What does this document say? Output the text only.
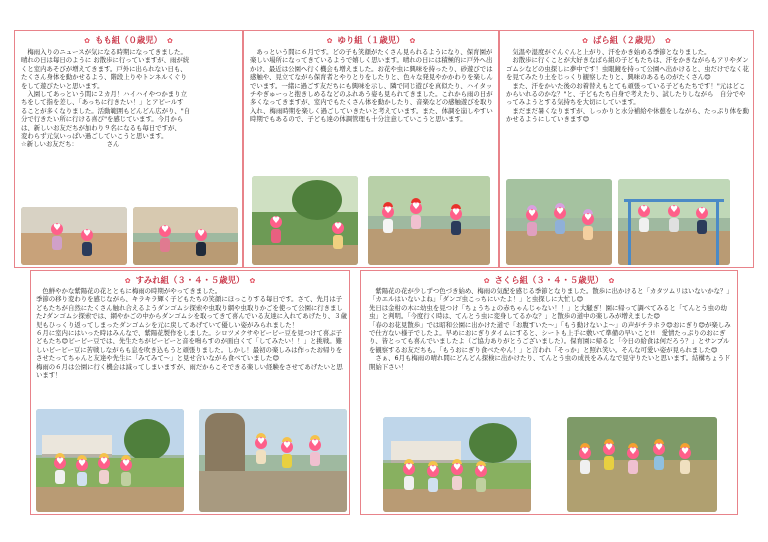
✿ もも組（０歳児） ✿
　梅雨入りのニュースが気になる時期になってきました。
晴れの日は毎日のように お散歩に行っていますが、雨が続
くと室内あそびが増えてきます。戸外に出られない日も、
たくさん身体を動かせるよう、階段上りやトンネルくぐり
をして遊びたいと思います。
　入園してあっという間に２カ月！ハイハイやつかまり立
ちをして指を差し、「あっちに行きたい！」とアピールす
ることが多くなりました。活動範囲もどんどん広がり、"自
分で行きたい所に行ける喜び"を感じています。今月から
は、新しいお友だちが加わり９名になるも毎日ですが、
変わらず元気いっぱい過ごしていこうと思います。
☆新しいお友だち：　　　　　さん
♥
♥
♥
♥
✿ ゆり組（１歳児） ✿
　あっという間に６月です。どの子も笑顔がたくさん見られるようになり、保育園が楽しい場所になってきているようで嬉しく思います。晴れの日には積極的に戸外へ出かけ、最近は公園へ行く機会も増えました。お花や虫に興味を持ったり、砂遊びでは感触や、見立てながら保育者とやりとりをしたりと、色々な発見やかかわりを楽しんでいます。一緒に過ごす友だちにも興味を示し、隣で同じ遊びを真似たり、ハイタッチやぎゅーっと抱きしめるなどのふれあう姿も見られてきました。これから雨の日が多くなってきますが、室内でもたくさん体を動かしたり、音楽などの感触遊びを取り入れ、梅雨時期を楽しく過ごしていきたいと考えています。また、体調を崩しやすい時期でもあるので、子ども達の体調管理も十分注意していこうと思います。
♥
♥
♥
♥
♥
✿ ばら組（２歳児） ✿
　気温や湿度がぐんぐんと上がり、汗をかき始める季節となりました。
　お散歩に行くことが大好きなばら組の子どもたちは、汗をかきながらもアリやダンゴムシなどの虫探しに夢中です！虫眼鏡を持って公園へ出かけると、虫だけでなく花を見てみたり土をじっくり観察したりと、興味のあるものがたくさん😊
　また、汗をかいた後のお着替えもとても頑張っている子どもたちです！"元はどこからいれるのかな？"と、子どもたち自身で考えたり、試したりしながら　自分でやってみようとする気持ちを大切にしています。
　まだまだ暑くなりますが、しっかりと水分補給や休憩をしながら、たっぷり体を動かせるようにしていきます😊
♥
♥
♥
♥
♥
♥
✿ すみれ組（３・４・５歳児） ✿
　色鮮やかな紫陽花の花とともに梅雨の時期がやってきました。
季節の移り変わりを感じながら、キラキラ輝く子どもたちの笑顔にほっこりする毎日です。さて、先月は子どもたちが自然にたくさん触れ合えるようダンゴムシ探索や虫取り網や虫取りかごを使って公園に行きました♪ダンゴムシ探索では、網やかごの中からダンゴムシを取ってきて喜んでいる友達に入れてあげたり、３歳児もひっくり返ってしまったダンゴムシを元に戻してあげていて優しい姿がみられました！
６月に室内にはいった時はみんなで、紫陽花製作をしました。シロツメクサやビーピー豆を見つけて喜ぶ子どもたち😊ピーピー豆では、先生たちがピーピーと音を鳴らすのが面白くて「してみたい！！」と挑戦。難しいビーピー豆に苦戦しながらも息を吹き込もうと頑張りました。しかし！最初の楽しみは作ったお帰りをさせたってちゃんと友達や先生に「みてみて〜」と見せ合いながら食べていました😊
梅雨の６月は公園に行く機会は減ってしまいますが、雨だからこそできる楽しい経験をさせてあげたいと思います！
♥
♥
♥
♥
♥
♥
♥
✿ さくら組（３・４・５歳児） ✿
　紫陽花の花が少しずつ色づき始め、梅雨の気配を感じる季節となりました。散歩に出かけると「カタツムリはいないかな？」「カエルはいないよね」「ダンゴ虫こっちにいたよ！」と虫探しに大忙し😊
先日は金柑の木に幼虫を見つけ「ちょうちょの赤ちゃんじゃない！！」と大騒ぎ！園に帰って調べてみると「てんとう虫の幼虫」と判明。「今度行く時は、てんとう虫に変身してるかな？」と散歩の道中の楽しみが増えました😊
「春のお花見散歩」では昭和公園に出かけた道で「お腹すいた〜」「もう動けないよ〜」の声がチラホラ😊おにぎり😊が楽しみで仕方ない様子でしたよ。早めにおにぎりタイムにすると、シートも上手に敷いて準備の早いこと!!　愛情たっぷりのおにぎり、皆とっても喜んでいましたよ（ご協力ありがとうございました）。保育園に帰ると「今日の給食は何だろう？」とサンプルを観察するお友だちも。「もうおにぎり食べたやん！」と言われ「そっか」と照れ笑い。そんな可愛い姿が見られました😊
　さぁ、6月も梅雨の晴れ間にどんどん探検に出かけたり、てんとう虫の成長をみんなで見守りたいと思います。結構ちょうド開始下さい！
♥
♥
♥
♥
♥
♥
♥
♥
♥
